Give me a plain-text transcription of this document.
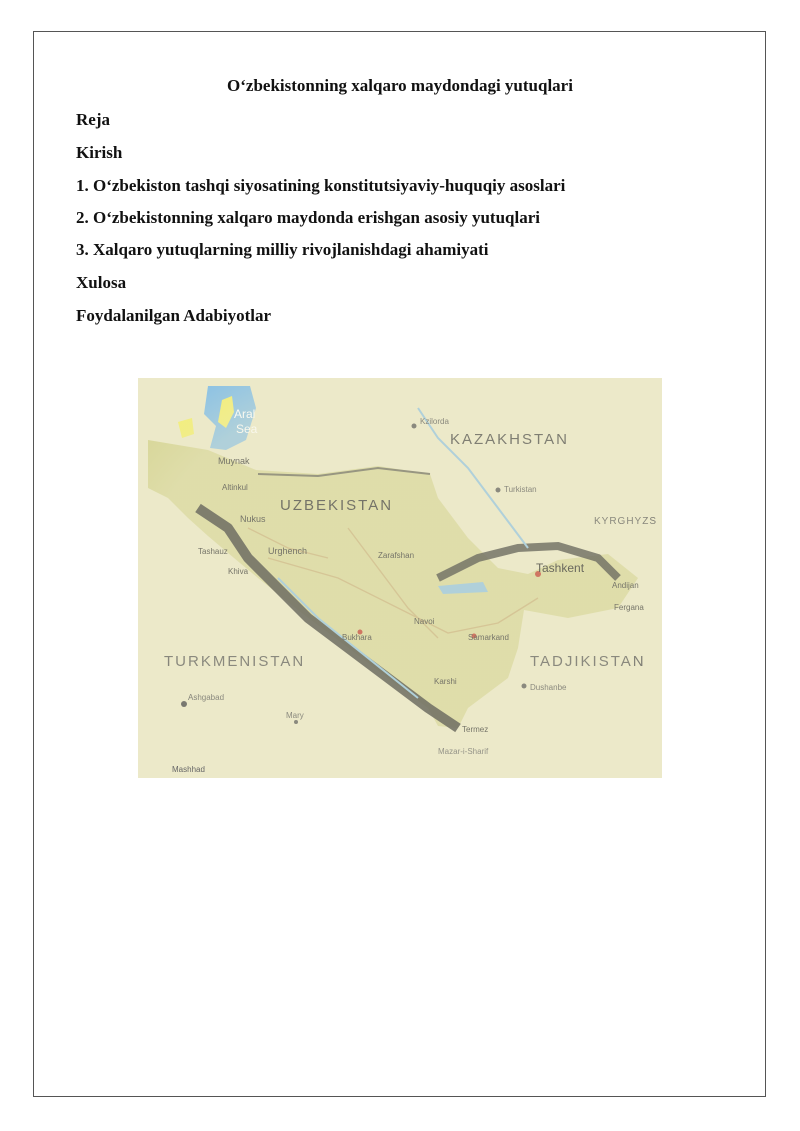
O‘zbekistonning xalqaro maydondagi yutuqlari
Reja
Kirish
1. O‘zbekiston tashqi siyosatining konstitutsiyaviy-huquqiy asoslari
2. O‘zbekistonning xalqaro maydonda erishgan asosiy yutuqlari
3. Xalqaro yutuqlarning milliy rivojlanishdagi ahamiyati
Xulosa
Foydalanilgan Adabiyotlar
KAZAKHSTAN
UZBEKISTAN
TURKMENISTAN	TADJIKISTAN
KYRGHYZS
Aral
Sea
Kzilorda
Muynak
Altinkul
Nukus
Turkistan
Tashkent
Andijan
Fergana
Urghench
Tashauz
Khiva
Zarafshan
Navoi
Bukhara	Samarkand
Karshi
Dushanbe
Termez
Ashgabad
Mary
Mashhad
Mazar-i-Sharif
